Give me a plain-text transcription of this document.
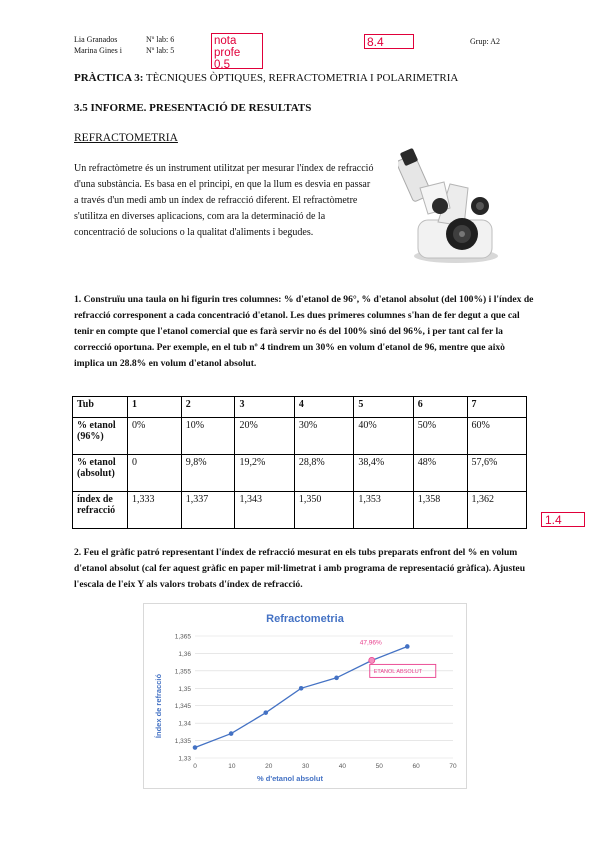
Lia Granados
Marina Gines i
Nº lab: 6
Nº lab: 5
Grup: A2
nota
profe
0.5
8.4
PRÀCTICA 3: TÈCNIQUES ÒPTIQUES, REFRACTOMETRIA I POLARIMETRIA
3.5 INFORME. PRESENTACIÓ DE RESULTATS
REFRACTOMETRIA
Un refractòmetre és un instrument utilitzat per mesurar l'índex de refracció d'una substància. Es basa en el principi, en que la llum es desvia en passar a través d'un medi amb un índex de refracció diferent. El refractòmetre s'utilitza en diverses aplicacions, com ara la determinació de la concentració de solucions o la qualitat d'aliments i begudes.
1. Construïu una taula on hi figurin tres columnes: % d'etanol de 96°, % d'etanol absolut (del 100%) i l'índex de refracció corresponent a cada concentració d'etanol. Les dues primeres columnes s'han de fer degut a que cal tenir en compte que l'etanol comercial que es farà servir no és del 100% sinó del 96%, i per tant cal fer la correcció oportuna. Per exemple, en el tub nº 4 tindrem un 30% en volum d'etanol de 96, mentre que això implica un 28.8% en volum d'etanol absolut.
Tub	1	2	3	4	5	6	7
% etanol (96%)	0%	10%	20%	30%	40%	50%	60%
% etanol (absolut)	0	9,8%	19,2%	28,8%	38,4%	48%	57,6%
índex de refracció	1,333	1,337	1,343	1,350	1,353	1,358	1,362
1.4
2. Feu el gràfic patró representant l'índex de refracció mesurat en els tubs preparats enfront del % en volum d'etanol absolut (cal fer aquest gràfic en paper mil·limetrat i amb programa de representació gràfica). Ajusteu l'escala de l'eix Y als valors trobats d'índex de refracció.
Refractometria
1,33
1,335
1,34
1,345
1,35
1,355
1,36
1,365
0	10	20	30	40	50	60	70
% d'etanol absolut
Índex de refracció
47,96%
ETANOL ABSOLUT
